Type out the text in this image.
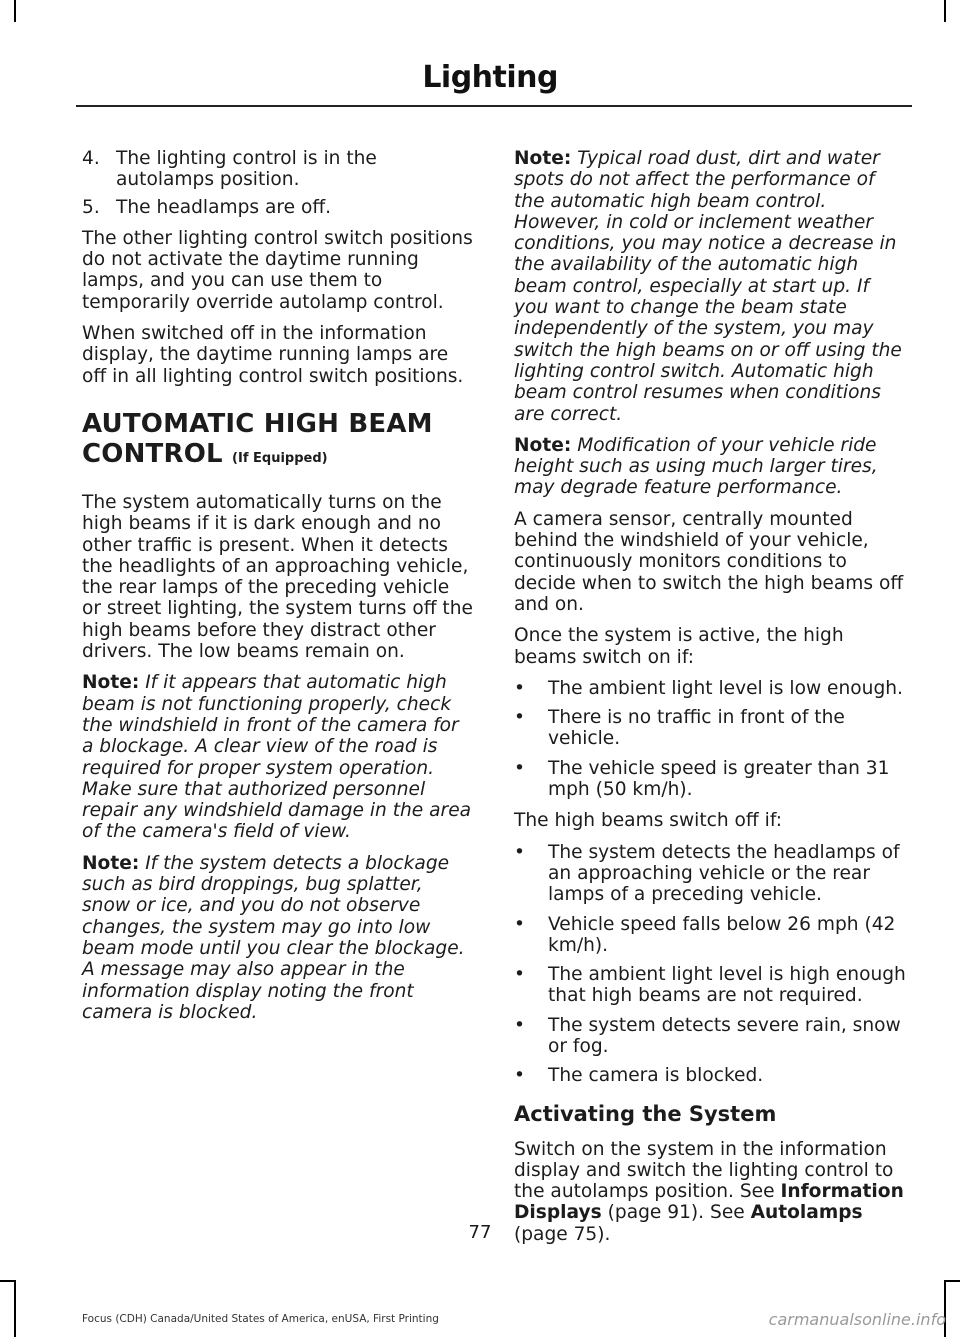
Lighting
4. The lighting control is in the autolamps position.
5. The headlamps are off.

The other lighting control switch positions do not activate the daytime running lamps, and you can use them to temporarily override autolamp control.

When switched off in the information display, the daytime running lamps are off in all lighting control switch positions.

AUTOMATIC HIGH BEAM CONTROL (If Equipped)

The system automatically turns on the high beams if it is dark enough and no other traffic is present. When it detects the headlights of an approaching vehicle, the rear lamps of the preceding vehicle or street lighting, the system turns off the high beams before they distract other drivers. The low beams remain on.

Note: If it appears that automatic high beam is not functioning properly, check the windshield in front of the camera for a blockage. A clear view of the road is required for proper system operation. Make sure that authorized personnel repair any windshield damage in the area of the camera's field of view.

Note: If the system detects a blockage such as bird droppings, bug splatter, snow or ice, and you do not observe changes, the system may go into low beam mode until you clear the blockage. A message may also appear in the information display noting the front camera is blocked.

Note: Typical road dust, dirt and water spots do not affect the performance of the automatic high beam control. However, in cold or inclement weather conditions, you may notice a decrease in the availability of the automatic high beam control, especially at start up. If you want to change the beam state independently of the system, you may switch the high beams on or off using the lighting control switch. Automatic high beam control resumes when conditions are correct.

Note: Modification of your vehicle ride height such as using much larger tires, may degrade feature performance.

A camera sensor, centrally mounted behind the windshield of your vehicle, continuously monitors conditions to decide when to switch the high beams off and on.

Once the system is active, the high beams switch on if:

• The ambient light level is low enough.
• There is no traffic in front of the vehicle.
• The vehicle speed is greater than 31 mph (50 km/h).

The high beams switch off if:

• The system detects the headlamps of an approaching vehicle or the rear lamps of a preceding vehicle.
• Vehicle speed falls below 26 mph (42 km/h).
• The ambient light level is high enough that high beams are not required.
• The system detects severe rain, snow or fog.
• The camera is blocked.
Activating the System

Switch on the system in the information display and switch the lighting control to the autolamps position. See Information Displays (page 91). See Autolamps (page 75).

77
Focus (CDH) Canada/United States of America, enUSA, First Printing	carmanualsonline.info
